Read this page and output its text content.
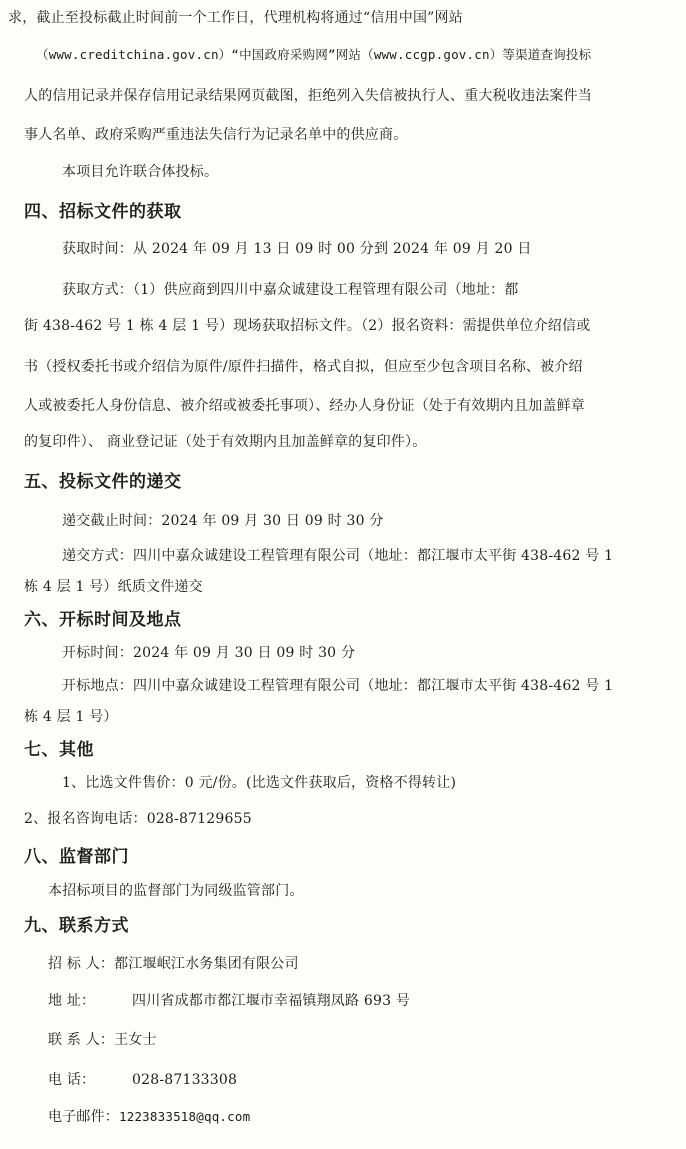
求，截止至投标截止时间前一个工作日，代理机构将通过“信用中国”网站
（www.creditchina.gov.cn）“中国政府采购网”网站（www.ccgp.gov.cn）等渠道查询投标
人的信用记录并保存信用记录结果网页截图，拒绝列入失信被执行人、重大税收违法案件当
事人名单、政府采购严重违法失信行为记录名单中的供应商。
本项目允许联合体投标。
四、招标文件的获取
获取时间：从 2024 年 09 月 13 日 09 时 00 分到 2024 年 09 月 20 日
获取方式：（1）供应商到四川中嘉众诚建设工程管理有限公司（地址：都
街 438-462 号 1 栋 4 层 1 号）现场获取招标文件。（2）报名资料：需提供单位介绍信或
书（授权委托书或介绍信为原件/原件扫描件，格式自拟，但应至少包含项目名称、被介绍
人或被委托人身份信息、被介绍或被委托事项）、经办人身份证（处于有效期内且加盖鲜章
的复印件）、 商业登记证（处于有效期内且加盖鲜章的复印件）。
五、投标文件的递交
递交截止时间：2024 年 09 月 30 日 09 时 30 分
递交方式：四川中嘉众诚建设工程管理有限公司（地址：都江堰市太平街 438-462 号 1
栋 4 层 1 号）纸质文件递交
六、开标时间及地点
开标时间：2024 年 09 月 30 日 09 时 30 分
开标地点：四川中嘉众诚建设工程管理有限公司（地址：都江堰市太平街 438-462 号 1
栋 4 层 1 号）
七、其他
1、比选文件售价：0 元/份。(比选文件获取后，资格不得转让)
2、报名咨询电话：028-87129655
八、监督部门
本招标项目的监督部门为同级监管部门。
九、联系方式
招 标 人：都江堰岷江水务集团有限公司
地 址：	四川省成都市都江堰市幸福镇翔凤路 693 号
联 系 人：王女士
电 话：	028-87133308
电子邮件：1223833518@qq.com
